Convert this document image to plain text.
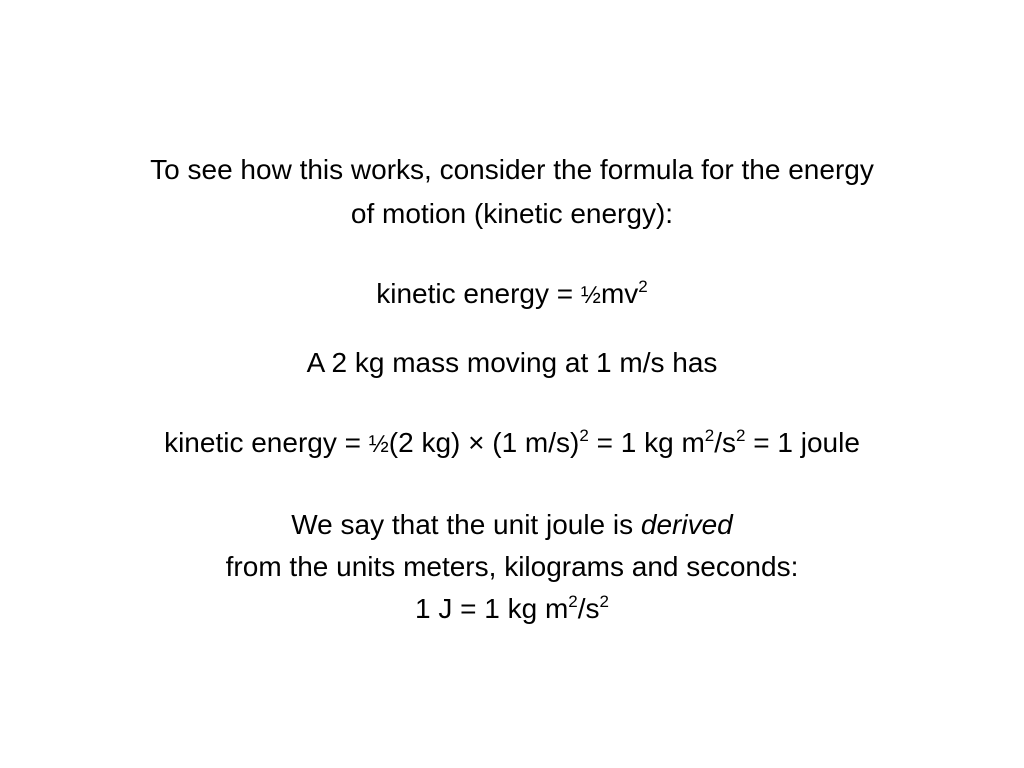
To see how this works, consider the formula for the energy
of motion (kinetic energy):
kinetic energy = $\frac{1}{2}mv^2$
A 2 kg mass moving at 1 m/s has
kinetic energy = ½(2 kg) × (1 m/s)$^2$ = 1 kg $m^2/s^2 = 1$ joule
We say that the unit joule is derived
from the units meters, kilograms and seconds:
1 J = 1 kg $m^2/s^2$
